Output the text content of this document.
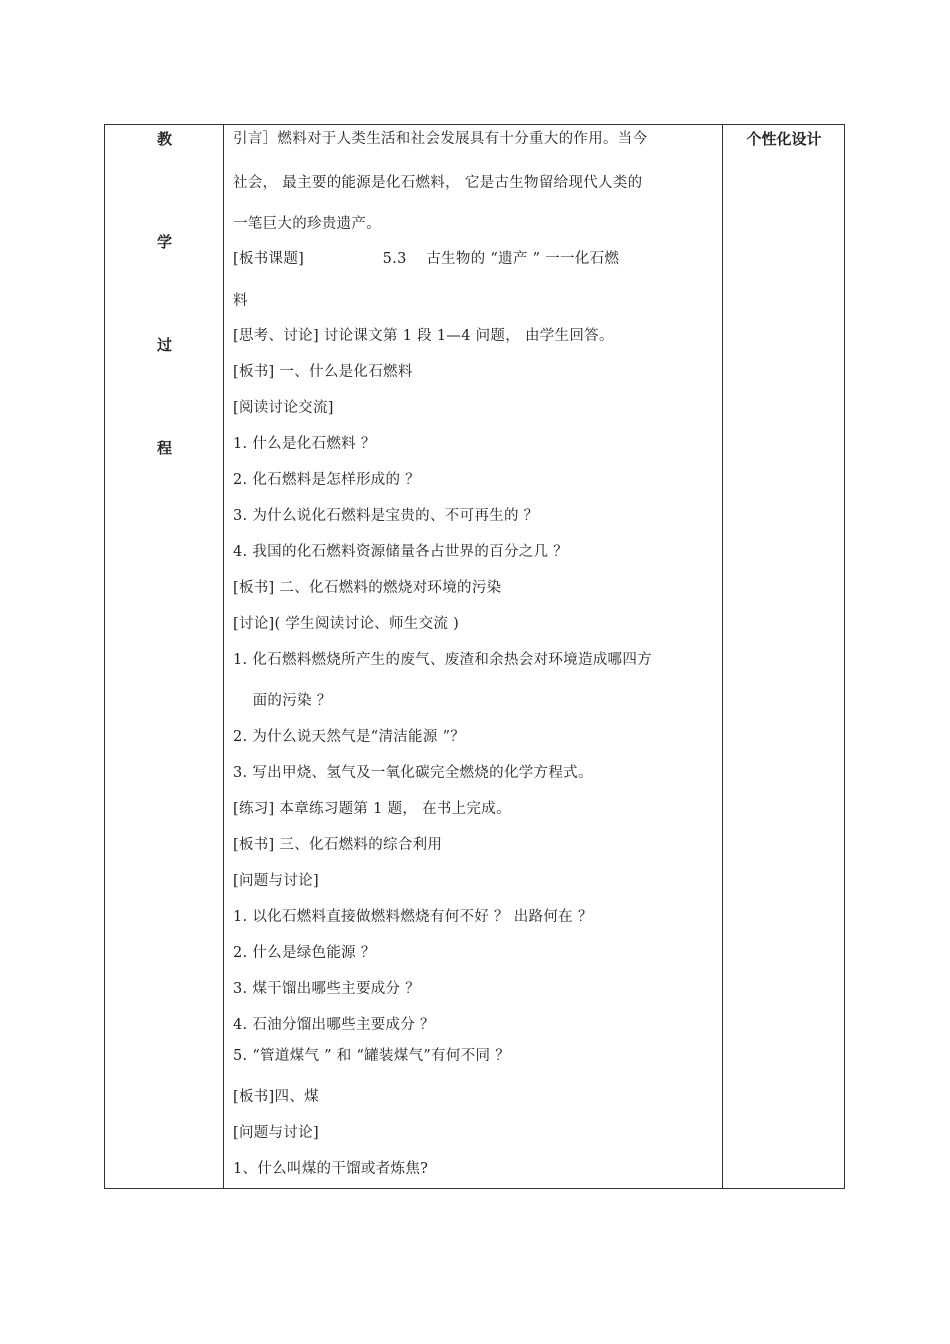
教
学
过
程
个性化设计
引言］燃料对于人类生活和社会发展具有十分重大的作用。当今
社会， 最主要的能源是化石燃料， 它是古生物留给现代人类的
一笔巨大的珍贵遗产。
[板书课题]                5.3    古生物的 “遗产 ” 一一化石燃
料
[思考、讨论] 讨论课文第 1 段 1—4 问题， 由学生回答。
[板书] 一、什么是化石燃料
[阅读讨论交流]
1. 什么是化石燃料 ？
2. 化石燃料是怎样形成的 ？
3. 为什么说化石燃料是宝贵的、不可再生的 ？
4. 我国的化石燃料资源储量各占世界的百分之几 ？
[板书] 二、化石燃料的燃烧对环境的污染
[讨论]( 学生阅读讨论、师生交流 )
1. 化石燃料燃烧所产生的废气、废渣和余热会对环境造成哪四方
面的污染 ？
2. 为什么说天然气是“清洁能源 ”？
3. 写出甲烧、氢气及一氧化碳完全燃烧的化学方程式。
[练习] 本章练习题第 1 题， 在书上完成。
[板书] 三、化石燃料的综合利用
[问题与讨论]
1. 以化石燃料直接做燃料燃烧有何不好 ？ 出路何在 ？
2. 什么是绿色能源 ？
3. 煤干馏出哪些主要成分 ？
4. 石油分馏出哪些主要成分 ？
5. “管道煤气 ” 和 “罐装煤气”有何不同 ？
[板书]四、煤
[问题与讨论]
1、什么叫煤的干馏或者炼焦?
